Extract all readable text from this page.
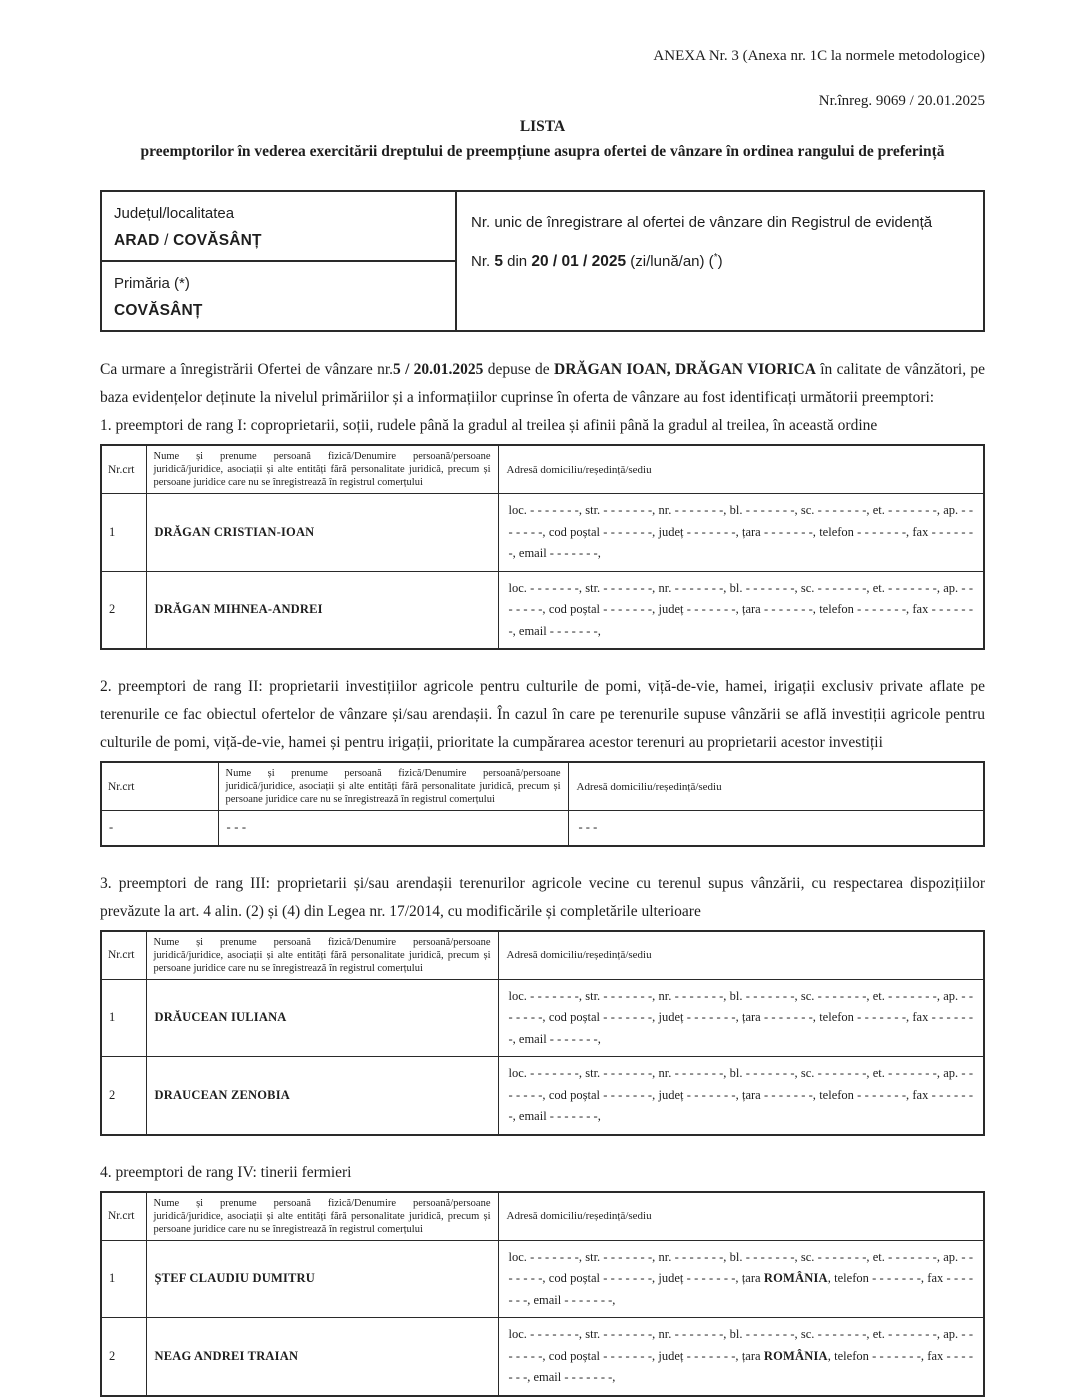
ANEXA Nr. 3 (Anexa nr. 1C la normele metodologice)
Nr.înreg. 9069 / 20.01.2025
LISTA
preemptorilor în vederea exercitării dreptului de preempțiune asupra ofertei de vânzare în ordinea rangului de preferință
Județul/localitatea
ARAD / COVĂSÂNȚ
Primăria (*)
COVĂSÂNȚ
Nr. unic de înregistrare al ofertei de vânzare din Registrul de evidență
Nr. 5 din 20 / 01 / 2025 (zi/lună/an) (*)

Ca urmare a înregistrării Ofertei de vânzare nr.5 / 20.01.2025 depuse de DRĂGAN IOAN, DRĂGAN VIORICA în calitate de vânzători, pe baza evidențelor deținute la nivelul primăriilor și a informațiilor cuprinse în oferta de vânzare au fost identificați următorii preemptori:

1. preemptori de rang I: coproprietarii, soții, rudele până la gradul al treilea și afinii până la gradul al treilea, în această ordine

Nr.crt	Nume și prenume persoană fizică/Denumire persoană/persoane juridică/juridice, asociații și alte entități fără personalitate juridică, precum și persoane juridice care nu se înregistrează în registrul comerțului	Adresă domiciliu/reședință/sediu
1	DRĂGAN CRISTIAN-IOAN	loc. - - - - - - -, str. - - - - - - -, nr. - - - - - - -, bl. - - - - - - -, sc. - - - - - - -, et. - - - - - - -, ap. - - - - - - -, cod poștal - - - - - - -, județ - - - - - - -, țara - - - - - - -, telefon - - - - - - -, fax - - - - - - -, email - - - - - - -,
2	DRĂGAN MIHNEA-ANDREI	loc. - - - - - - -, str. - - - - - - -, nr. - - - - - - -, bl. - - - - - - -, sc. - - - - - - -, et. - - - - - - -, ap. - - - - - - -, cod poștal - - - - - - -, județ - - - - - - -, țara - - - - - - -, telefon - - - - - - -, fax - - - - - - -, email - - - - - - -,

2. preemptori de rang II: proprietarii investițiilor agricole pentru culturile de pomi, viță-de-vie, hamei, irigații exclusiv private aflate pe terenurile ce fac obiectul ofertelor de vânzare și/sau arendașii. În cazul în care pe terenurile supuse vânzării se află investiții agricole pentru culturile de pomi, viță-de-vie, hamei și pentru irigații, prioritate la cumpărarea acestor terenuri au proprietarii acestor investiții

Nr.crt	Nume și prenume persoană fizică/Denumire persoană/persoane juridică/juridice, asociații și alte entități fără personalitate juridică, precum și persoane juridice care nu se înregistrează în registrul comerțului	Adresă domiciliu/reședință/sediu
-	- - -	- - -

3. preemptori de rang III: proprietarii și/sau arendașii terenurilor agricole vecine cu terenul supus vânzării, cu respectarea dispozițiilor prevăzute la art. 4 alin. (2) și (4) din Legea nr. 17/2014, cu modificările și completările ulterioare

Nr.crt	Nume și prenume persoană fizică/Denumire persoană/persoane juridică/juridice, asociații și alte entități fără personalitate juridică, precum și persoane juridice care nu se înregistrează în registrul comerțului	Adresă domiciliu/reședință/sediu
1	DRĂUCEAN IULIANA	loc. - - - - - - -, str. - - - - - - -, nr. - - - - - - -, bl. - - - - - - -, sc. - - - - - - -, et. - - - - - - -, ap. - - - - - - -, cod poștal - - - - - - -, județ - - - - - - -, țara - - - - - - -, telefon - - - - - - -, fax - - - - - - -, email - - - - - - -,
2	DRAUCEAN ZENOBIA	loc. - - - - - - -, str. - - - - - - -, nr. - - - - - - -, bl. - - - - - - -, sc. - - - - - - -, et. - - - - - - -, ap. - - - - - - -, cod poștal - - - - - - -, județ - - - - - - -, țara - - - - - - -, telefon - - - - - - -, fax - - - - - - -, email - - - - - - -,

4. preemptori de rang IV: tinerii fermieri

Nr.crt	Nume și prenume persoană fizică/Denumire persoană/persoane juridică/juridice, asociații și alte entități fără personalitate juridică, precum și persoane juridice care nu se înregistrează în registrul comerțului	Adresă domiciliu/reședință/sediu
1	ȘTEF CLAUDIU DUMITRU	loc. - - - - - - -, str. - - - - - - -, nr. - - - - - - -, bl. - - - - - - -, sc. - - - - - - -, et. - - - - - - -, ap. - - - - - - -, cod poștal - - - - - - -, județ - - - - - - -, țara ROMÂNIA, telefon - - - - - - -, fax - - - - - - -, email - - - - - - -,
2	NEAG ANDREI TRAIAN	loc. - - - - - - -, str. - - - - - - -, nr. - - - - - - -, bl. - - - - - - -, sc. - - - - - - -, et. - - - - - - -, ap. - - - - - - -, cod poștal - - - - - - -, județ - - - - - - -, țara ROMÂNIA, telefon - - - - - - -, fax - - - - - - -, email - - - - - - -,
